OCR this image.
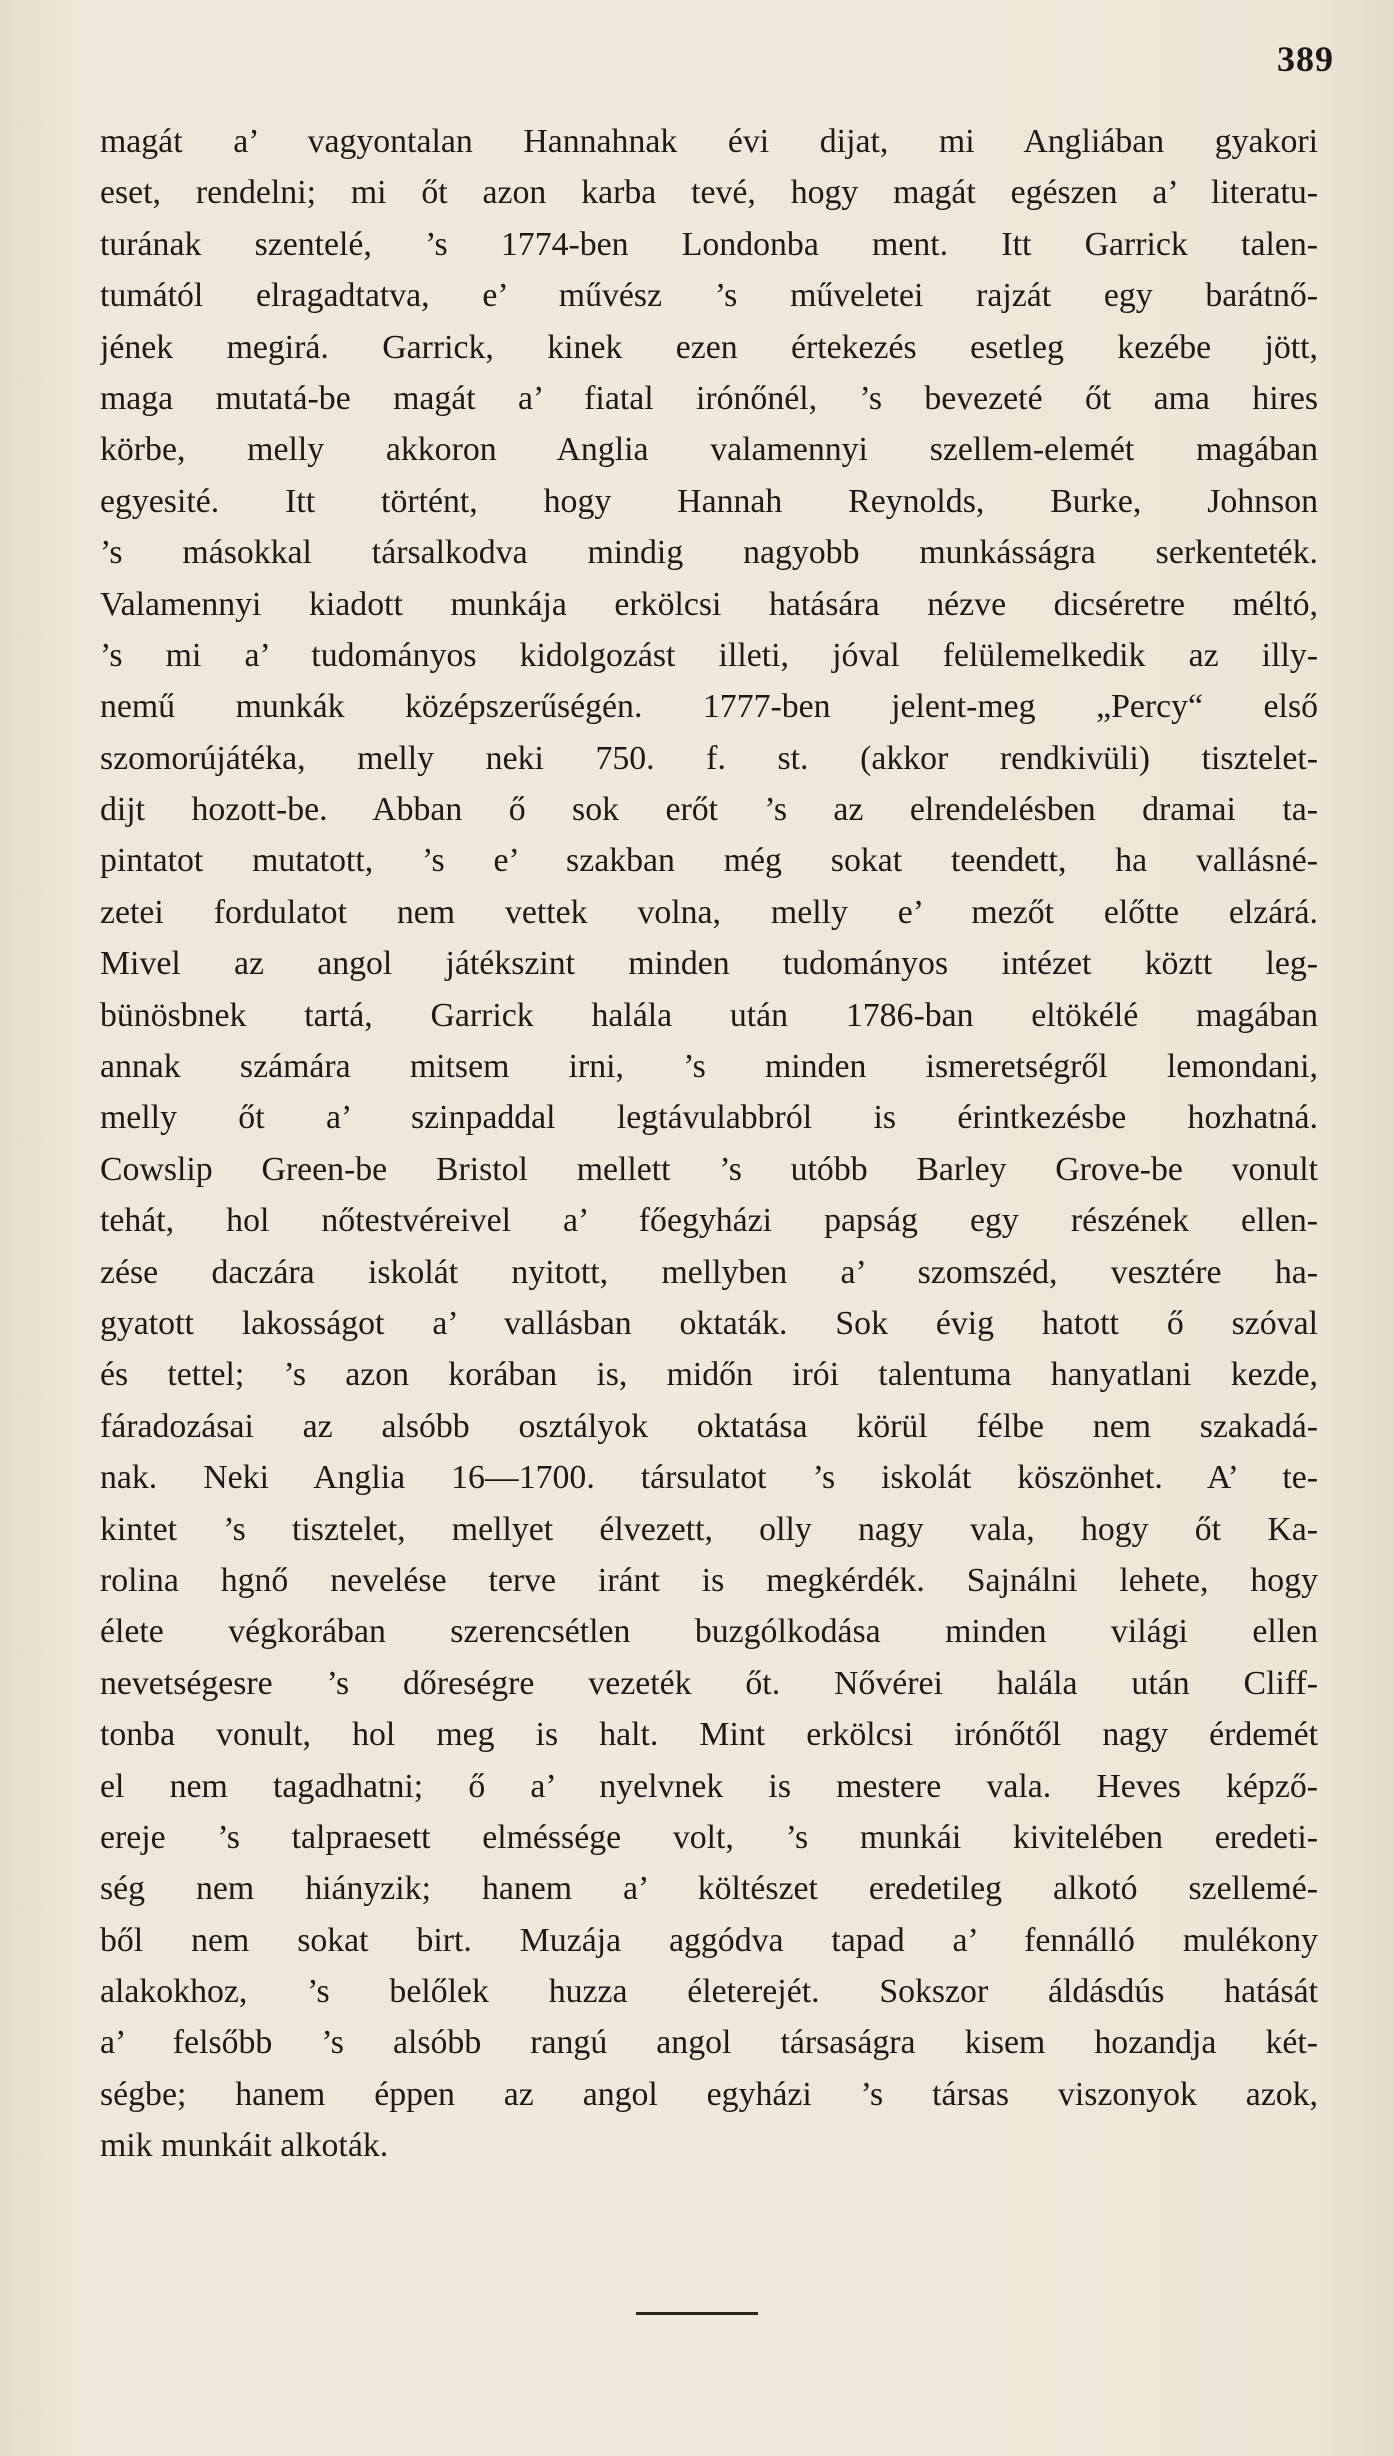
389
magát a’ vagyontalan Hannahnak évi dijat, mi Angliában gyakori
eset, rendelni; mi őt azon karba tevé, hogy magát egészen a’ literatu-
turának szentelé, ’s 1774-ben Londonba ment. Itt Garrick talen-
tumától elragadtatva, e’ művész ’s műveletei rajzát egy barátnő-
jének megirá. Garrick, kinek ezen értekezés esetleg kezébe jött,
maga mutatá-be magát a’ fiatal irónőnél, ’s bevezeté őt ama hires
körbe, melly akkoron Anglia valamennyi szellem-elemét magában
egyesité. Itt történt, hogy Hannah Reynolds, Burke, Johnson
’s másokkal társalkodva mindig nagyobb munkásságra serkenteték.
Valamennyi kiadott munkája erkölcsi hatására nézve dicséretre méltó,
’s mi a’ tudományos kidolgozást illeti, jóval felülemelkedik az illy-
nemű munkák középszerűségén. 1777-ben jelent-meg „Percy“ első
szomorújátéka, melly neki 750. f. st. (akkor rendkivüli) tisztelet-
dijt hozott-be. Abban ő sok erőt ’s az elrendelésben dramai ta-
pintatot mutatott, ’s e’ szakban még sokat teendett, ha vallásné-
zetei fordulatot nem vettek volna, melly e’ mezőt előtte elzárá.
Mivel az angol játékszint minden tudományos intézet köztt leg-
bünösbnek tartá, Garrick halála után 1786-ban eltökélé magában
annak számára mitsem irni, ’s minden ismeretségről lemondani,
melly őt a’ szinpaddal legtávulabbról is érintkezésbe hozhatná.
Cowslip Green-be Bristol mellett ’s utóbb Barley Grove-be vonult
tehát, hol nőtestvéreivel a’ főegyházi papság egy részének ellen-
zése daczára iskolát nyitott, mellyben a’ szomszéd, vesztére ha-
gyatott lakosságot a’ vallásban oktaták. Sok évig hatott ő szóval
és tettel; ’s azon korában is, midőn irói talentuma hanyatlani kezde,
fáradozásai az alsóbb osztályok oktatása körül félbe nem szakadá-
nak. Neki Anglia 16—1700. társulatot ’s iskolát köszönhet. A’ te-
kintet ’s tisztelet, mellyet élvezett, olly nagy vala, hogy őt Ka-
rolina hgnő nevelése terve iránt is megkérdék. Sajnálni lehete, hogy
élete végkorában szerencsétlen buzgólkodása minden világi ellen
nevetségesre ’s dőreségre vezeték őt. Nővérei halála után Cliff-
tonba vonult, hol meg is halt. Mint erkölcsi irónőtől nagy érdemét
el nem tagadhatni; ő a’ nyelvnek is mestere vala. Heves képző-
ereje ’s talpraesett elméssége volt, ’s munkái kivitelében eredeti-
ség nem hiányzik; hanem a’ költészet eredetileg alkotó szellemé-
ből nem sokat birt. Muzája aggódva tapad a’ fennálló mulékony
alakokhoz, ’s belőlek huzza életerejét. Sokszor áldásdús hatását
a’ felsőbb ’s alsóbb rangú angol társaságra kisem hozandja két-
ségbe; hanem éppen az angol egyházi ’s társas viszonyok azok,
mik munkáit alkoták.
